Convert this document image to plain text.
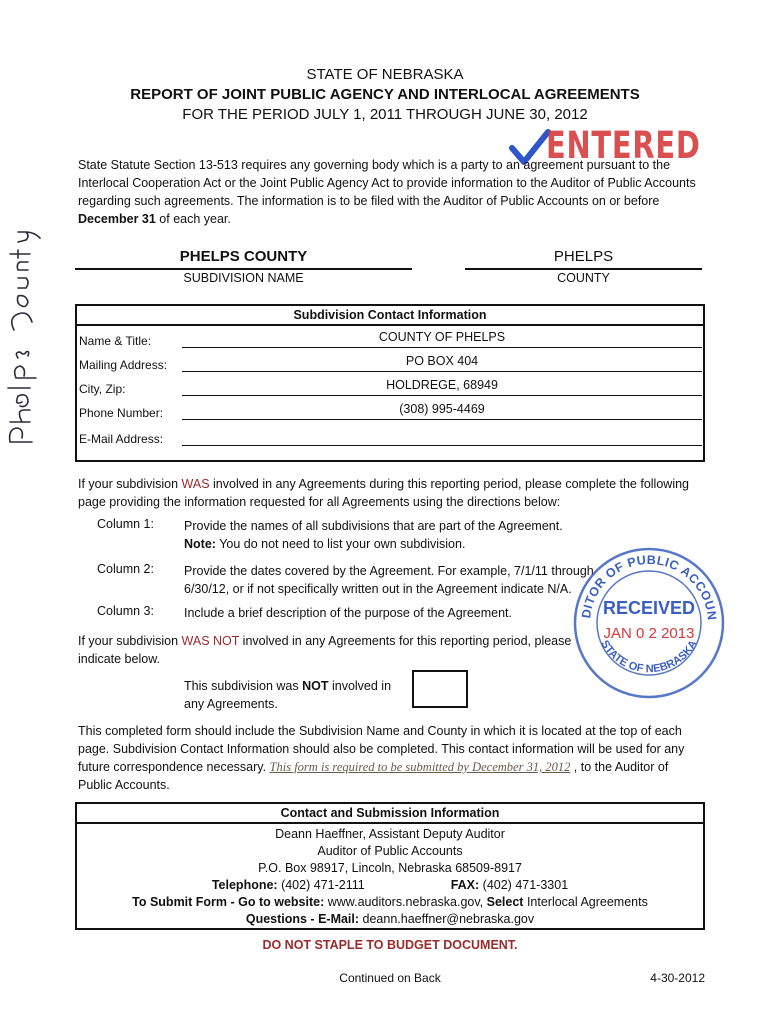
STATE OF NEBRASKA
REPORT OF JOINT PUBLIC AGENCY AND INTERLOCAL AGREEMENTS
FOR THE PERIOD JULY 1, 2011 THROUGH JUNE 30, 2012
ENTERED
State Statute Section 13-513 requires any governing body which is a party to an agreement pursuant to the Interlocal Cooperation Act or the Joint Public Agency Act to provide information to the Auditor of Public Accounts regarding such agreements. The information is to be filed with the Auditor of Public Accounts on or before December 31 of each year.
PHELPS COUNTY
SUBDIVISION NAME
PHELPS
COUNTY
Subdivision Contact Information
Name & Title:	COUNTY OF PHELPS
Mailing Address:	PO BOX 404
City, Zip:	HOLDREGE, 68949
Phone Number:	(308) 995-4469
E-Mail Address:
If your subdivision WAS involved in any Agreements during this reporting period, please complete the following page providing the information requested for all Agreements using the directions below:
Column 1:	Provide the names of all subdivisions that are part of the Agreement.
Note: You do not need to list your own subdivision.
Column 2:	Provide the dates covered by the Agreement. For example, 7/1/11 through 6/30/12, or if not specifically written out in the Agreement indicate N/A.
Column 3:	Include a brief description of the purpose of the Agreement.
If your subdivision WAS NOT involved in any Agreements for this reporting period, please indicate below.
This subdivision was NOT involved in any Agreements.
DITOR OF PUBLIC ACCOUN
STATE OF NEBRASKA
RECEIVED
JAN 0 2 2013
This completed form should include the Subdivision Name and County in which it is located at the top of each page. Subdivision Contact Information should also be completed. This contact information will be used for any future correspondence necessary. This form is required to be submitted by December 31, 2012 , to the Auditor of Public Accounts.
Contact and Submission Information
Deann Haeffner, Assistant Deputy Auditor
Auditor of Public Accounts
P.O. Box 98917, Lincoln, Nebraska 68509-8917
Telephone: (402) 471-2111	FAX: (402) 471-3301
To Submit Form - Go to website: www.auditors.nebraska.gov, Select Interlocal Agreements
Questions - E-Mail: deann.haeffner@nebraska.gov
DO NOT STAPLE TO BUDGET DOCUMENT.
Continued on Back	4-30-2012
